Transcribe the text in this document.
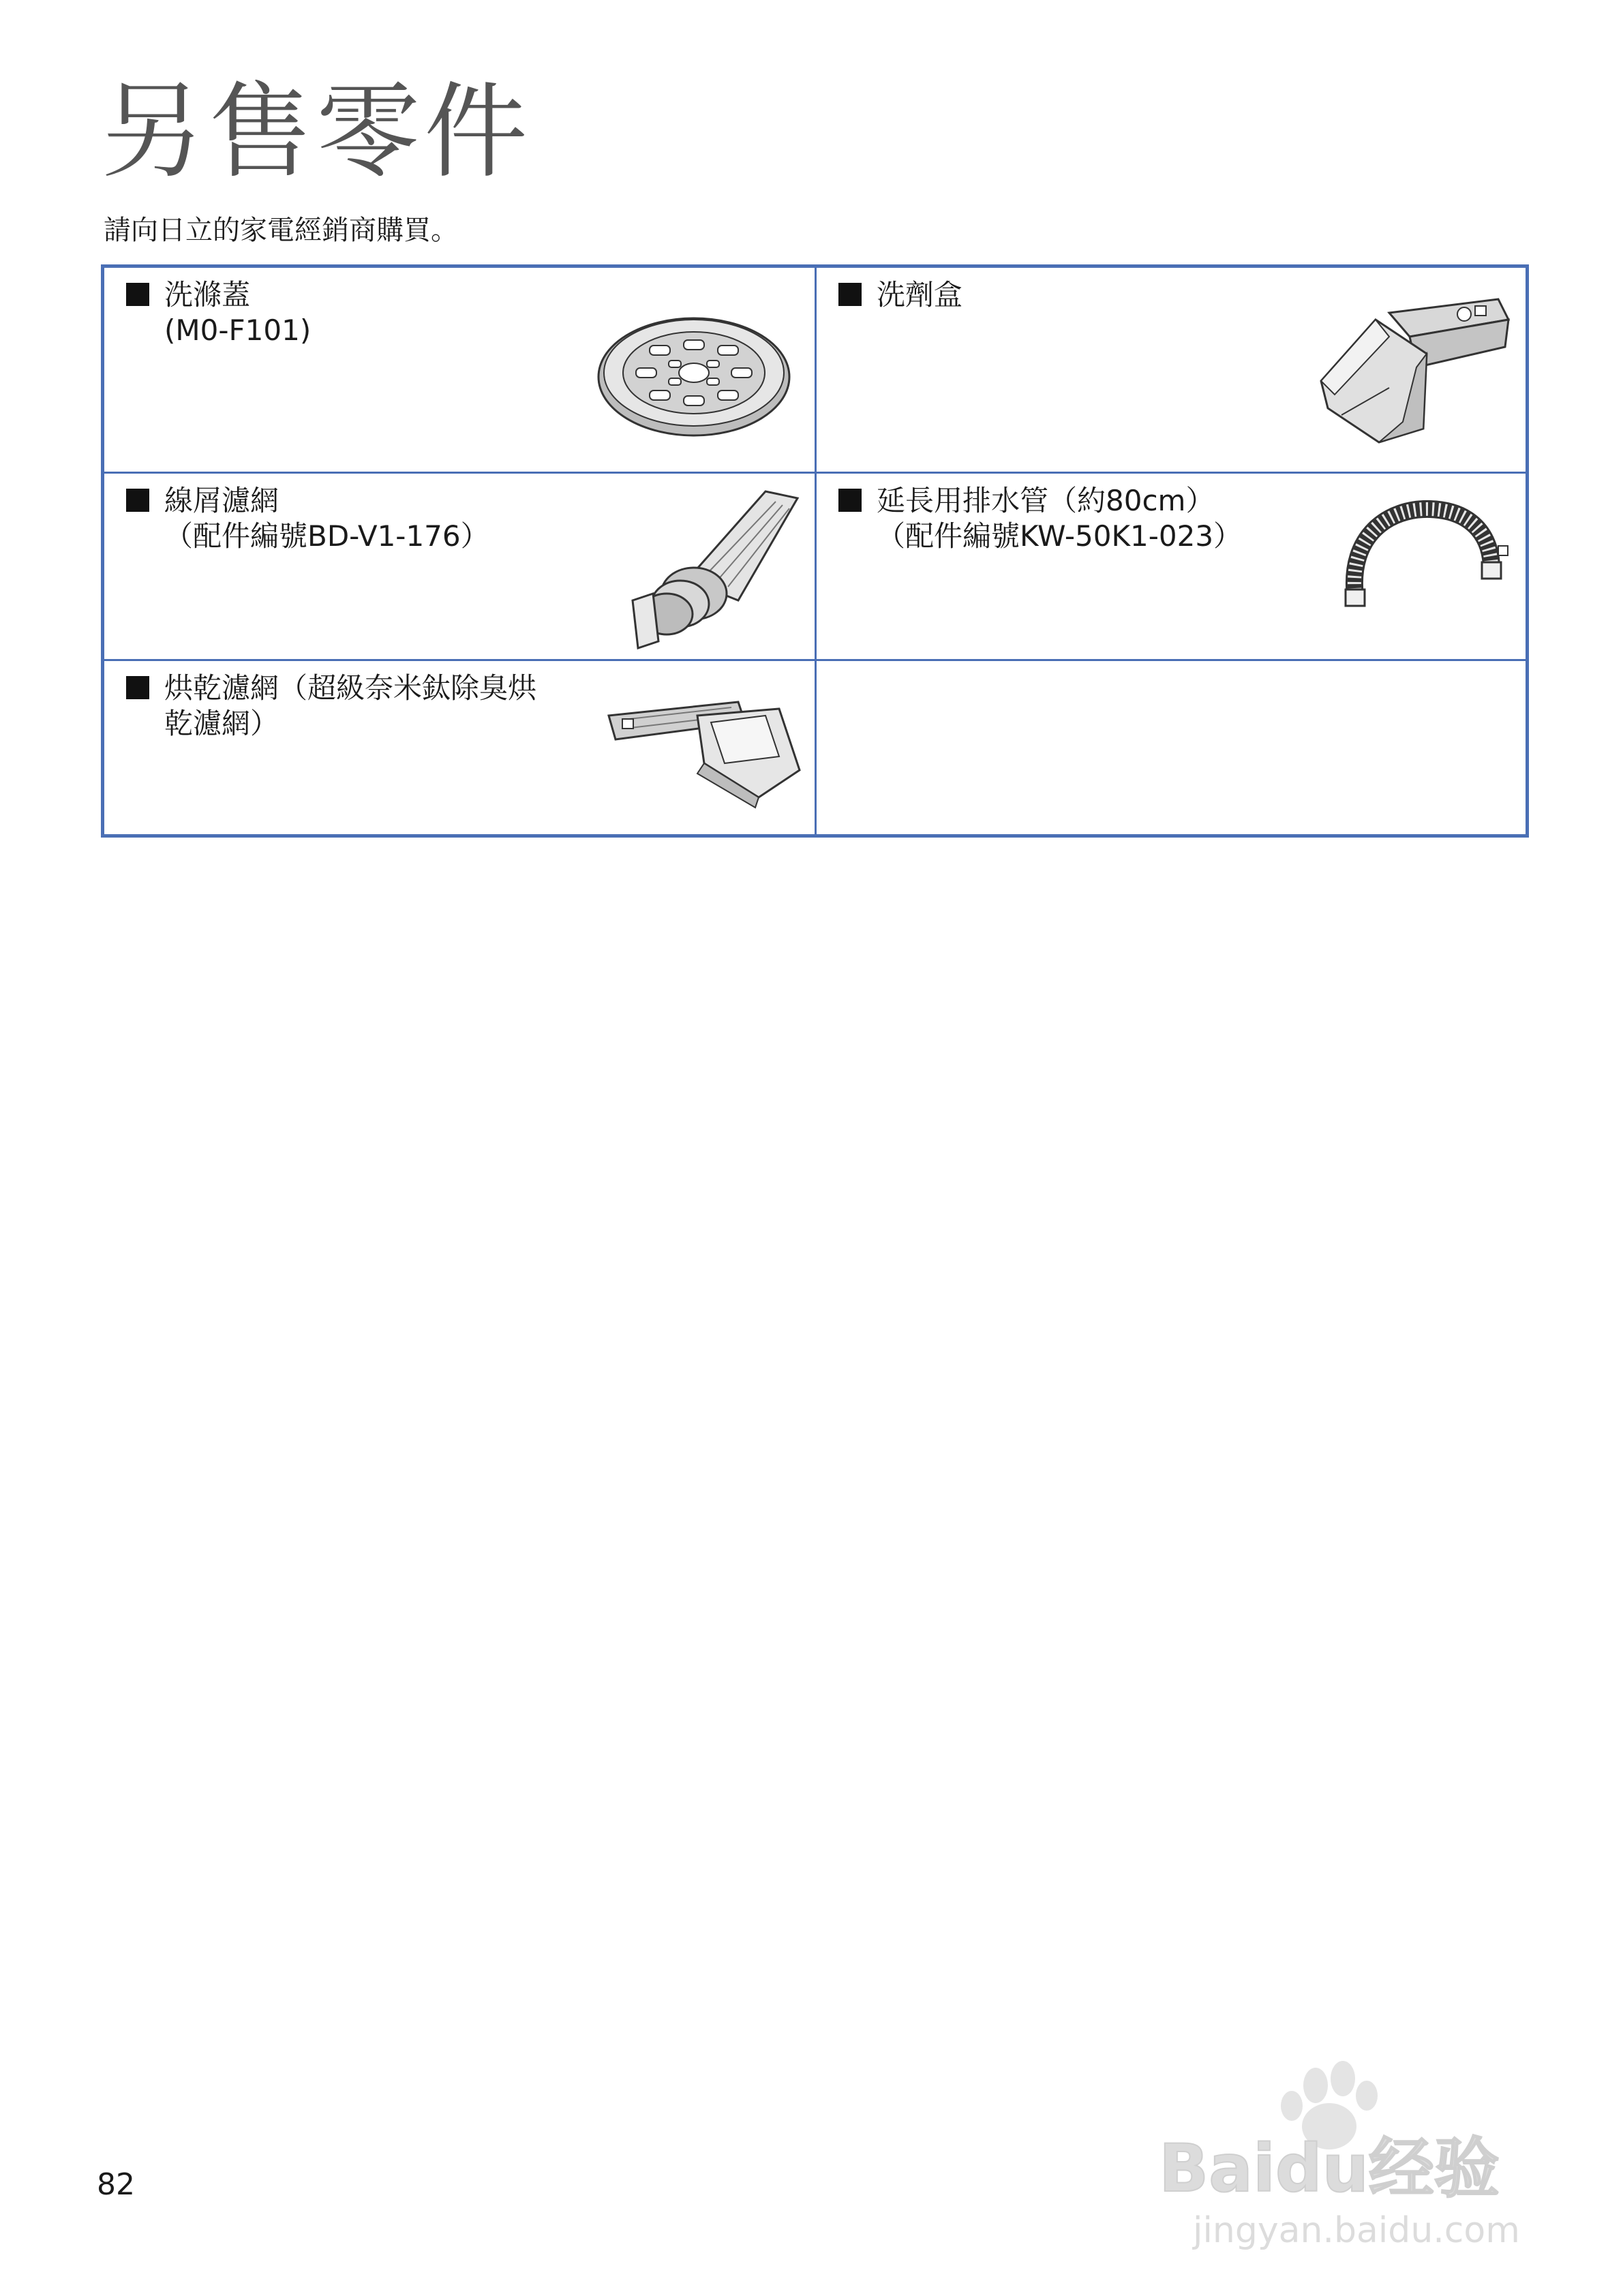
另售零件
請向日立的家電經銷商購買。
洗滌蓋
(M0-F101)
洗劑盒
線屑濾網
（配件編號BD-V1-176）
延長用排水管（約80cm）
（配件編號KW-50K1-023）
烘乾濾網（超級奈米鈦除臭烘
乾濾網）
82	Baidu经验
jingyan.baidu.com
